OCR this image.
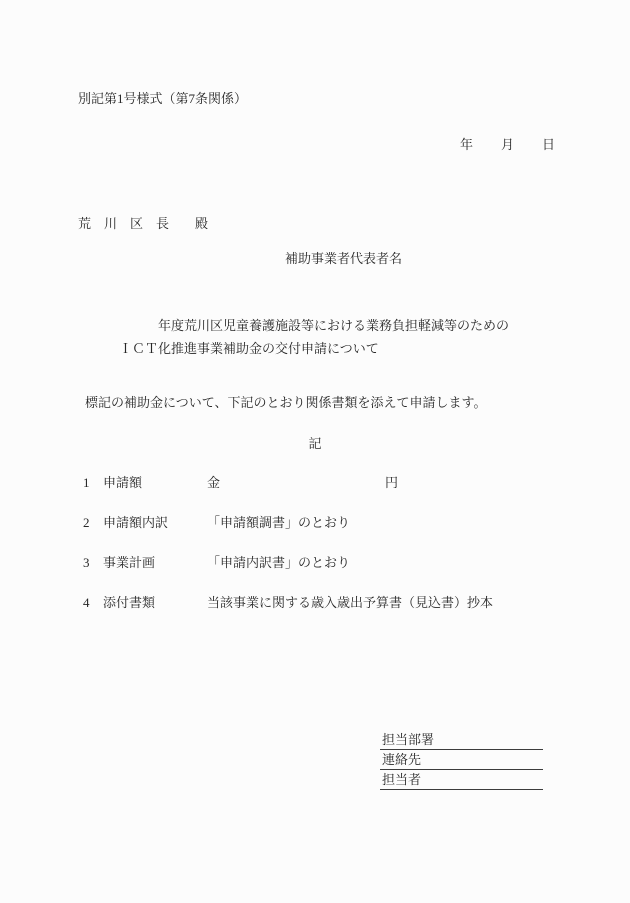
別記第1号様式（第7条関係）
年 月 日
荒　川　区　長　　殿
補助事業者代表者名
年度荒川区児童養護施設等における業務負担軽減等のための
ＩＣＴ化推進事業補助金の交付申請について
標記の補助金について、下記のとおり関係書類を添えて申請します。
記
1 申請額	金	円
2 申請額内訳	「申請額調書」のとおり
3 事業計画	「申請内訳書」のとおり
4 添付書類	当該事業に関する歳入歳出予算書（見込書）抄本
担当部署
連絡先
担当者
